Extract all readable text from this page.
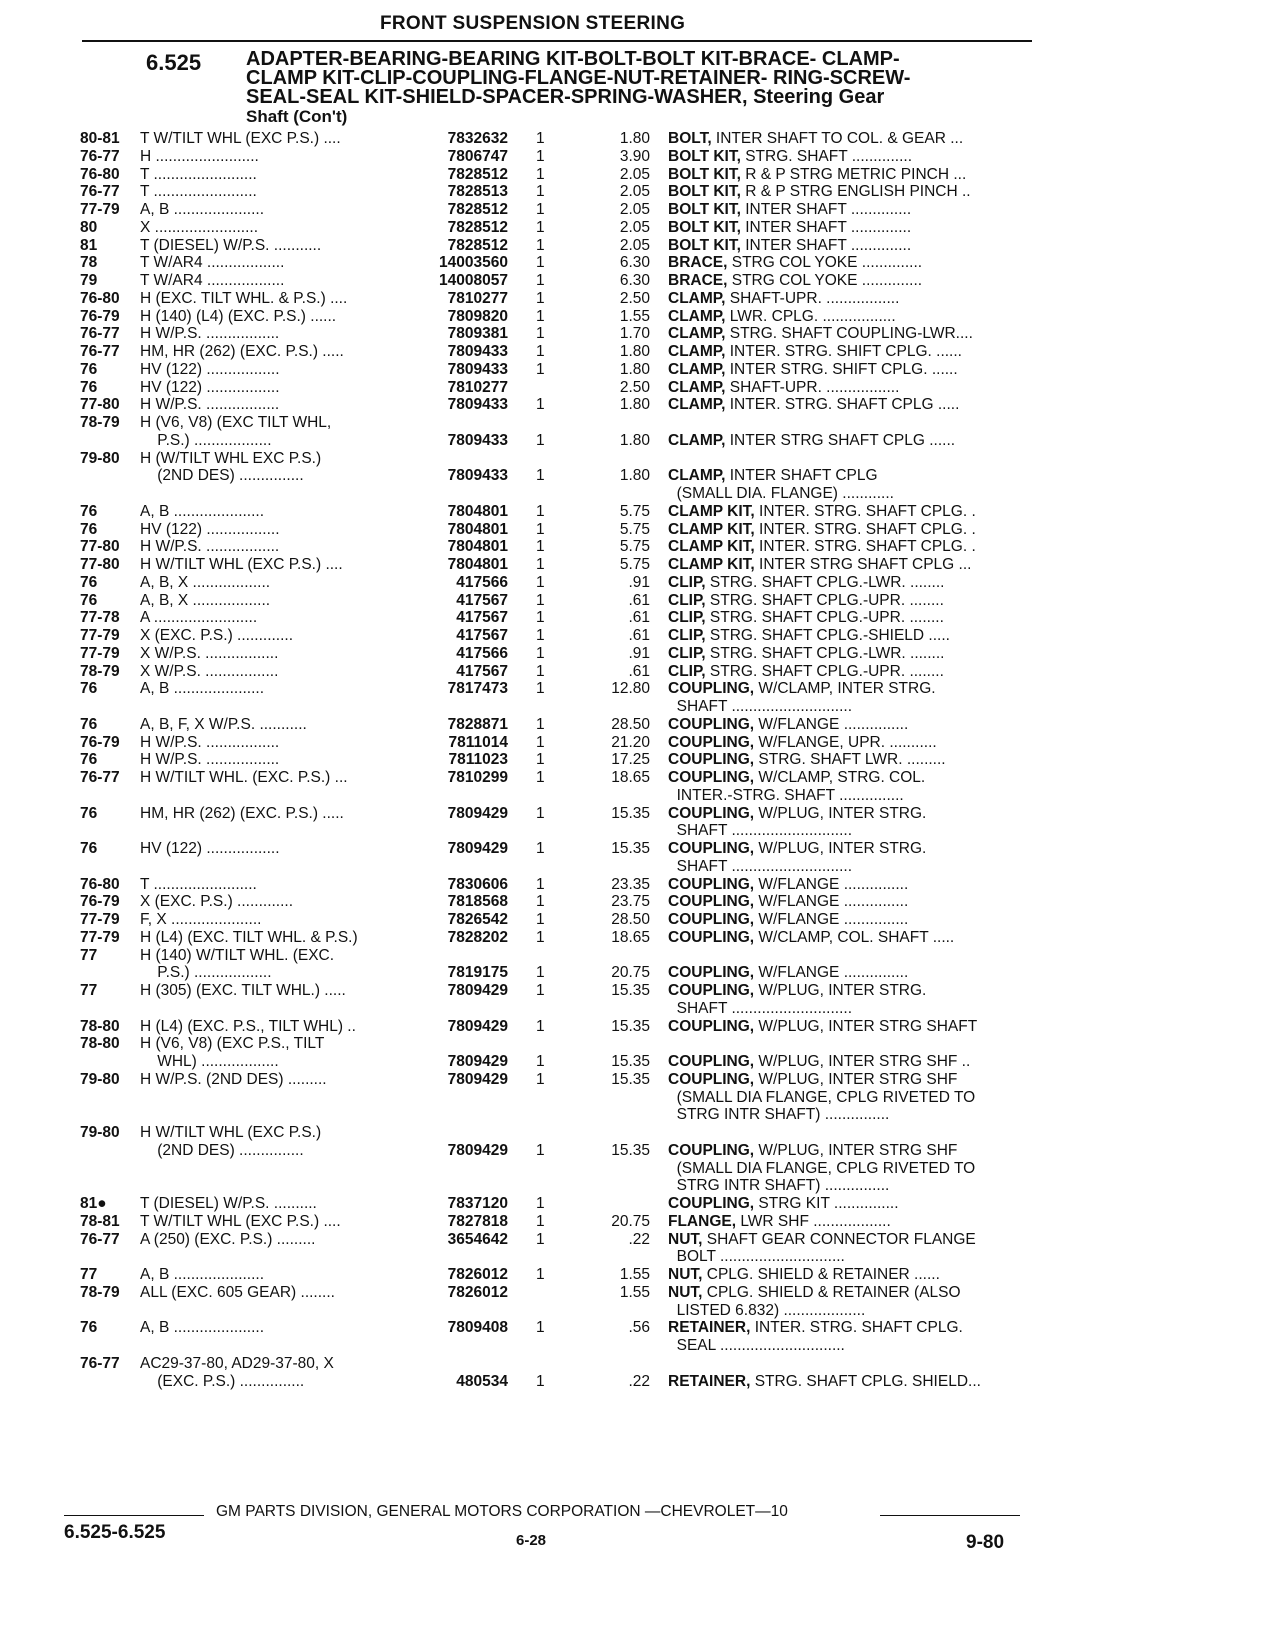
FRONT SUSPENSION STEERING
6.525 ADAPTER-BEARING-BEARING KIT-BOLT-BOLT KIT-BRACE- CLAMP-
CLAMP KIT-CLIP-COUPLING-FLANGE-NUT-RETAINER- RING-SCREW-
SEAL-SEAL KIT-SHIELD-SPACER-SPRING-WASHER, Steering Gear
Shaft (Con't)
80-81 T W/TILT WHL (EXC P.S.) ....	7832632 1	1.80 BOLT, INTER SHAFT TO COL. & GEAR ...
76-77 H ........................	7806747 1	3.90 BOLT KIT, STRG. SHAFT ..............
76-80 T ........................	7828512 1	2.05 BOLT KIT, R & P STRG METRIC PINCH ...
76-77 T ........................	7828513 1	2.05 BOLT KIT, R & P STRG ENGLISH PINCH ..
77-79 A, B .....................	7828512 1	2.05 BOLT KIT, INTER SHAFT ..............
80	X ........................	7828512 1	2.05 BOLT KIT, INTER SHAFT ..............
81	T (DIESEL) W/P.S. ...........	7828512 1	2.05 BOLT KIT, INTER SHAFT ..............
78	T W/AR4 ..................	14003560 1	6.30 BRACE, STRG COL YOKE ..............
79	T W/AR4 ..................	14008057 1	6.30 BRACE, STRG COL YOKE ..............
76-80 H (EXC. TILT WHL. & P.S.) ....	7810277 1	2.50 CLAMP, SHAFT-UPR. .................
76-79 H (140) (L4) (EXC. P.S.) ......	7809820 1	1.55 CLAMP, LWR. CPLG. .................
76-77 H W/P.S. .................	7809381 1	1.70 CLAMP, STRG. SHAFT COUPLING-LWR....
76-77 HM, HR (262) (EXC. P.S.) .....	7809433 1	1.80 CLAMP, INTER. STRG. SHIFT CPLG. ......
76	HV (122) .................	7809433 1	1.80 CLAMP, INTER STRG. SHIFT CPLG. ......
76	HV (122) .................	7810277	2.50 CLAMP, SHAFT-UPR. .................
77-80 H W/P.S. .................	7809433 1	1.80 CLAMP, INTER. STRG. SHAFT CPLG .....
78-79 H (V6, V8) (EXC TILT WHL,
P.S.) ..................	7809433 1	1.80 CLAMP, INTER STRG SHAFT CPLG ......
79-80 H (W/TILT WHL EXC P.S.)
(2ND DES) ...............	7809433 1	1.80 CLAMP, INTER SHAFT CPLG
(SMALL DIA. FLANGE) ............
76	A, B .....................	7804801 1	5.75 CLAMP KIT, INTER. STRG. SHAFT CPLG. .
76	HV (122) .................	7804801 1	5.75 CLAMP KIT, INTER. STRG. SHAFT CPLG. .
77-80 H W/P.S. .................	7804801 1	5.75 CLAMP KIT, INTER. STRG. SHAFT CPLG. .
77-80 H W/TILT WHL (EXC P.S.) ....	7804801 1	5.75 CLAMP KIT, INTER STRG SHAFT CPLG ...
76	A, B, X ..................	417566 1	.91 CLIP, STRG. SHAFT CPLG.-LWR. ........
76	A, B, X ..................	417567 1	.61 CLIP, STRG. SHAFT CPLG.-UPR. ........
77-78 A ........................	417567 1	.61 CLIP, STRG. SHAFT CPLG.-UPR. ........
77-79 X (EXC. P.S.) .............	417567 1	.61 CLIP, STRG. SHAFT CPLG.-SHIELD .....
77-79 X W/P.S. .................	417566 1	.91 CLIP, STRG. SHAFT CPLG.-LWR. ........
78-79 X W/P.S. .................	417567 1	.61 CLIP, STRG. SHAFT CPLG.-UPR. ........
76	A, B .....................	7817473 1	12.80 COUPLING, W/CLAMP, INTER STRG.
SHAFT ............................
76	A, B, F, X W/P.S. ...........	7828871 1	28.50 COUPLING, W/FLANGE ...............
76-79 H W/P.S. .................	7811014 1	21.20 COUPLING, W/FLANGE, UPR. ...........
76	H W/P.S. .................	7811023 1	17.25 COUPLING, STRG. SHAFT LWR. .........
76-77 H W/TILT WHL. (EXC. P.S.) ...	7810299 1	18.65 COUPLING, W/CLAMP, STRG. COL.
INTER.-STRG. SHAFT ...............
76	HM, HR (262) (EXC. P.S.) .....	7809429 1	15.35 COUPLING, W/PLUG, INTER STRG.
SHAFT ............................
76	HV (122) .................	7809429 1	15.35 COUPLING, W/PLUG, INTER STRG.
SHAFT ............................
76-80 T ........................	7830606 1	23.35 COUPLING, W/FLANGE ...............
76-79 X (EXC. P.S.) .............	7818568 1	23.75 COUPLING, W/FLANGE ...............
77-79 F, X .....................	7826542 1	28.50 COUPLING, W/FLANGE ...............
77-79 H (L4) (EXC. TILT WHL. & P.S.)	7828202 1	18.65 COUPLING, W/CLAMP, COL. SHAFT .....
77	H (140) W/TILT WHL. (EXC.
P.S.) ..................	7819175 1	20.75 COUPLING, W/FLANGE ...............
77	H (305) (EXC. TILT WHL.) .....	7809429 1	15.35 COUPLING, W/PLUG, INTER STRG.
SHAFT ............................
78-80 H (L4) (EXC. P.S., TILT WHL) ..	7809429 1	15.35 COUPLING, W/PLUG, INTER STRG SHAFT
78-80 H (V6, V8) (EXC P.S., TILT
WHL) ..................	7809429 1	15.35 COUPLING, W/PLUG, INTER STRG SHF ..
79-80 H W/P.S. (2ND DES) .........	7809429 1	15.35 COUPLING, W/PLUG, INTER STRG SHF
(SMALL DIA FLANGE, CPLG RIVETED TO
STRG INTR SHAFT) ...............
79-80 H W/TILT WHL (EXC P.S.)
(2ND DES) ...............	7809429 1	15.35 COUPLING, W/PLUG, INTER STRG SHF
(SMALL DIA FLANGE, CPLG RIVETED TO
STRG INTR SHAFT) ...............
81● T (DIESEL) W/P.S. ..........	7837120 1	COUPLING, STRG KIT ...............
78-81 T W/TILT WHL (EXC P.S.) ....	7827818 1	20.75 FLANGE, LWR SHF ..................
76-77 A (250) (EXC. P.S.) .........	3654642 1	.22 NUT, SHAFT GEAR CONNECTOR FLANGE
BOLT .............................
77	A, B .....................	7826012 1	1.55 NUT, CPLG. SHIELD & RETAINER ......
78-79 ALL (EXC. 605 GEAR) ........	7826012	1.55 NUT, CPLG. SHIELD & RETAINER (ALSO
LISTED 6.832) ...................
76	A, B .....................	7809408 1	.56 RETAINER, INTER. STRG. SHAFT CPLG.
SEAL .............................
76-77 AC29-37-80, AD29-37-80, X
(EXC. P.S.) ...............	480534 1	.22 RETAINER, STRG. SHAFT CPLG. SHIELD...
GM PARTS DIVISION, GENERAL MOTORS CORPORATION —CHEVROLET—10
6.525-6.525	6-28	9-80
